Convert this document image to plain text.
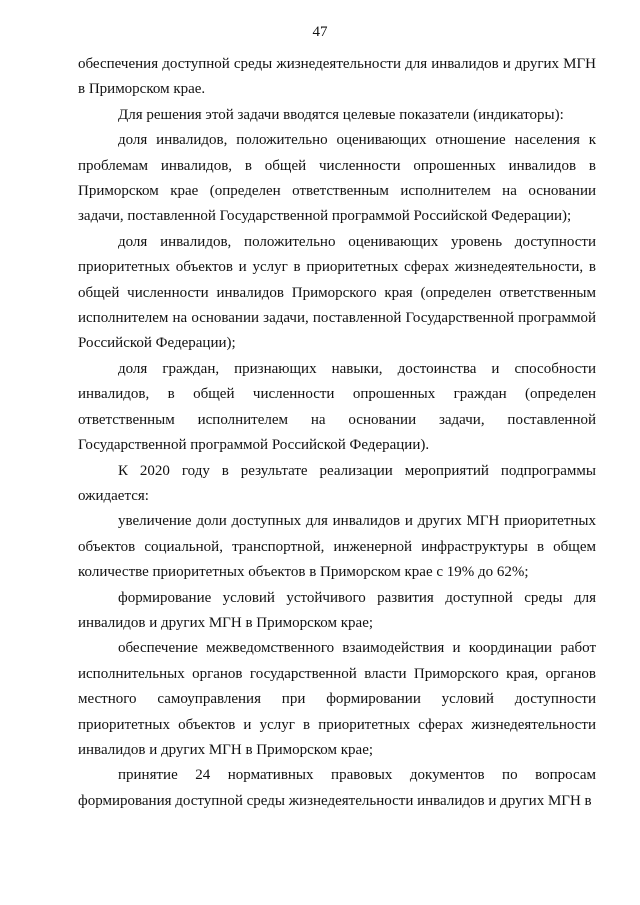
47

обеспечения доступной среды жизнедеятельности для инвалидов и других МГН в Приморском крае.

Для решения этой задачи вводятся целевые показатели (индикаторы):

доля инвалидов, положительно оценивающих отношение населения к проблемам инвалидов, в общей численности опрошенных инвалидов в Приморском крае (определен ответственным исполнителем на основании задачи, поставленной Государственной программой Российской Федерации);

доля инвалидов, положительно оценивающих уровень доступности приоритетных объектов и услуг в приоритетных сферах жизнедеятельности, в общей численности инвалидов Приморского края (определен ответственным исполнителем на основании задачи, поставленной Государственной программой Российской Федерации);

доля граждан, признающих навыки, достоинства и способности инвалидов, в общей численности опрошенных граждан (определен ответственным исполнителем на основании задачи, поставленной Государственной программой Российской Федерации).

К 2020 году в результате реализации мероприятий подпрограммы ожидается:

увеличение доли доступных для инвалидов и других МГН приоритетных объектов социальной, транспортной, инженерной инфраструктуры в общем количестве приоритетных объектов в Приморском крае с 19% до 62%;

формирование условий устойчивого развития доступной среды для инвалидов и других МГН в Приморском крае;

обеспечение межведомственного взаимодействия и координации работ исполнительных органов государственной власти Приморского края, органов местного самоуправления при формировании условий доступности приоритетных объектов и услуг в приоритетных сферах жизнедеятельности инвалидов и других МГН в Приморском крае;

принятие 24 нормативных правовых документов по вопросам формирования доступной среды жизнедеятельности инвалидов и других МГН в
